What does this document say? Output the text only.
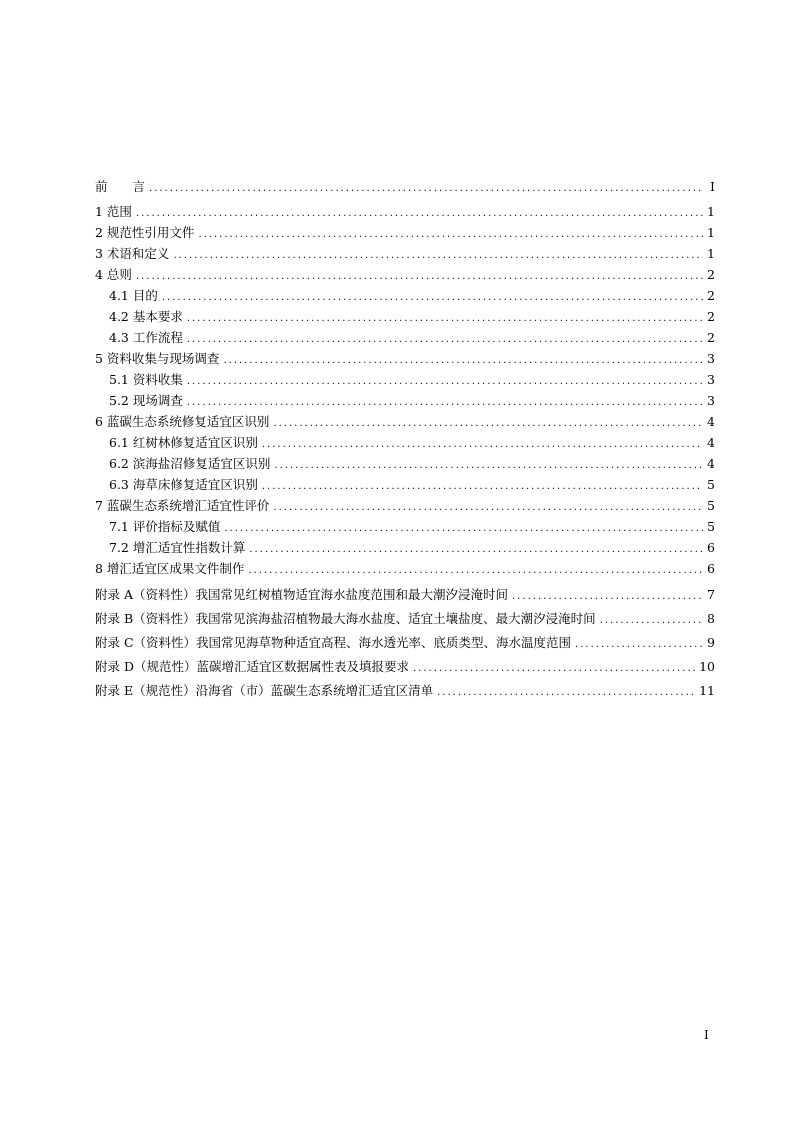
前　　言 .....	I
1 范围 .....	1
2 规范性引用文件 .....	1
3 术语和定义 .....	1
4 总则 .....	2
4.1 目的 .....	2
4.2 基本要求 .....	2
4.3 工作流程 .....	2
5 资料收集与现场调查 .....	3
5.1 资料收集 .....	3
5.2 现场调查 .....	3
6 蓝碳生态系统修复适宜区识别 .....	4
6.1 红树林修复适宜区识别 .....	4
6.2 滨海盐沼修复适宜区识别 .....	4
6.3 海草床修复适宜区识别 .....	5
7 蓝碳生态系统增汇适宜性评价 .....	5
7.1 评价指标及赋值 .....	5
7.2 增汇适宜性指数计算 .....	6
8 增汇适宜区成果文件制作 .....	6
附录 A（资料性）我国常见红树植物适宜海水盐度范围和最大潮汐浸淹时间 .....	7
附录 B（资料性）我国常见滨海盐沼植物最大海水盐度、适宜土壤盐度、最大潮汐浸淹时间 .....	8
附录 C（资料性）我国常见海草物种适宜高程、海水透光率、底质类型、海水温度范围 .....	9
附录 D（规范性）蓝碳增汇适宜区数据属性表及填报要求 .....	10
附录 E（规范性）沿海省（市）蓝碳生态系统增汇适宜区清单 .....	11
I
